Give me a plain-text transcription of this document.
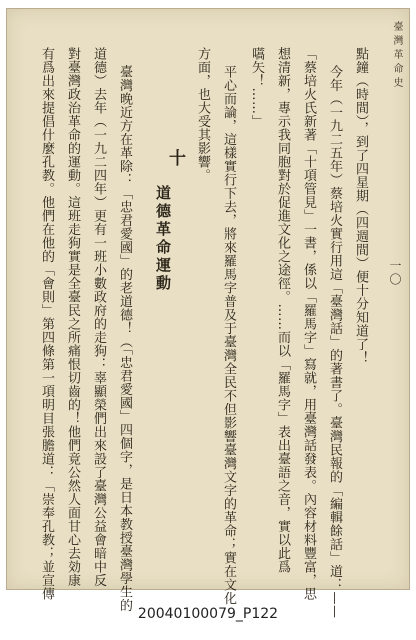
臺灣革命史
一〇
點鐘（時間），到了四星期（四週間）便十分知道了！
今年（一九二五年）蔡培火實行用這「臺灣話」的著書了。臺灣民報的「編輯餘話」道：——
「蔡培火氏新著「十項管見」一書，係以「羅馬字」寫就，用臺灣話發表。內容材料豐富，思
想清新，專示我同胞對於促進文化之途徑。……而以「羅馬字」表出臺語之音，實以此爲
嚆矢！……」
平心而論，這樣實行下去，將來羅馬字普及于臺灣全民不但影響臺灣文字的革命；實在文化
方面，也大受其影響。
十
道德革命運動
臺灣晚近方在革除：「忠君愛國」的老道德！（「忠君愛國」四個字，是日本教授臺灣學生的
道德）去年（一九二四年）更有一班小數政府的走狗：辜顯榮們出來設了臺灣公益會暗中反
對臺灣政治革命的運動。這班走狗實是全臺民之所痛恨切齒的！他們竟公然人面甘心去効康
有爲出來提倡什麼孔教。他們在他的「會則」第四條第一項明目張膽道：「崇奉孔教；並宣傳
20040100079_P122
